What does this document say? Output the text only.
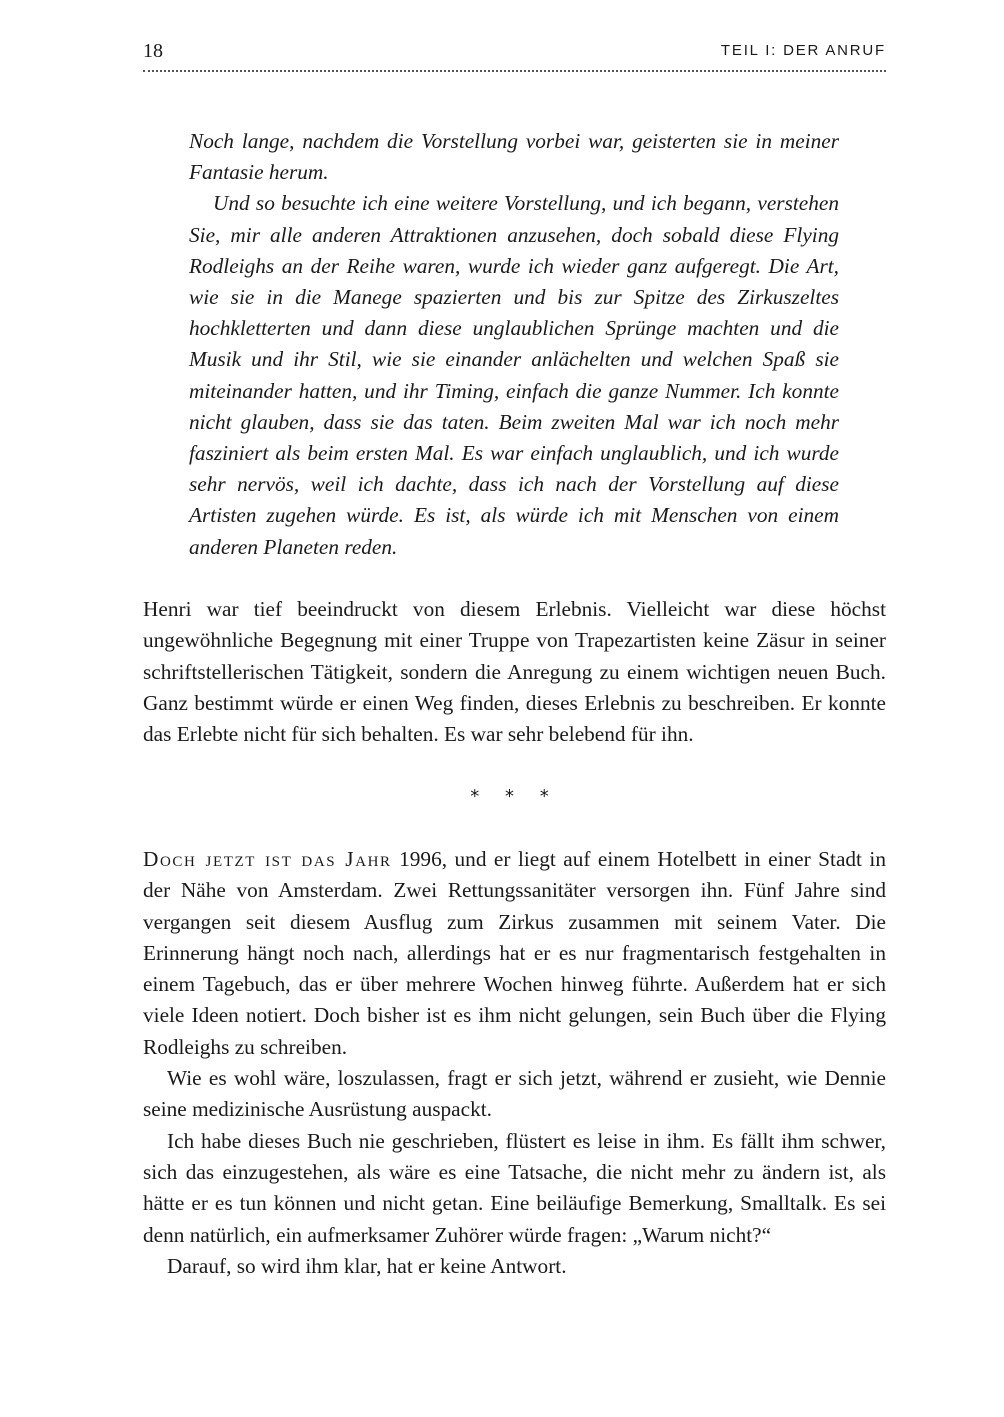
18	TEIL I: DER ANRUF

Noch lange, nachdem die Vorstellung vorbei war, geisterten sie in meiner Fantasie herum.

Und so besuchte ich eine weitere Vorstellung, und ich begann, verstehen Sie, mir alle anderen Attraktionen anzusehen, doch sobald diese Flying Rodleighs an der Reihe waren, wurde ich wieder ganz aufgeregt. Die Art, wie sie in die Manege spazierten und bis zur Spitze des Zirkuszeltes hochkletterten und dann diese unglaublichen Sprünge machten und die Musik und ihr Stil, wie sie einander anlächelten und welchen Spaß sie miteinander hatten, und ihr Timing, einfach die ganze Nummer. Ich konnte nicht glauben, dass sie das taten. Beim zweiten Mal war ich noch mehr fasziniert als beim ersten Mal. Es war einfach unglaublich, und ich wurde sehr nervös, weil ich dachte, dass ich nach der Vorstellung auf diese Artisten zugehen würde. Es ist, als würde ich mit Menschen von einem anderen Planeten reden.

Henri war tief beeindruckt von diesem Erlebnis. Vielleicht war diese höchst ungewöhnliche Begegnung mit einer Truppe von Trapezartisten keine Zäsur in seiner schriftstellerischen Tätigkeit, sondern die Anregung zu einem wichtigen neuen Buch. Ganz bestimmt würde er einen Weg finden, dieses Erlebnis zu beschreiben. Er konnte das Erlebte nicht für sich behalten. Es war sehr belebend für ihn.

* * *

Doch jetzt ist das Jahr 1996, und er liegt auf einem Hotelbett in einer Stadt in der Nähe von Amsterdam. Zwei Rettungssanitäter versorgen ihn. Fünf Jahre sind vergangen seit diesem Ausflug zum Zirkus zusammen mit seinem Vater. Die Erinnerung hängt noch nach, allerdings hat er es nur fragmentarisch festgehalten in einem Tagebuch, das er über mehrere Wochen hinweg führte. Außerdem hat er sich viele Ideen notiert. Doch bisher ist es ihm nicht gelungen, sein Buch über die Flying Rodleighs zu schreiben.

Wie es wohl wäre, loszulassen, fragt er sich jetzt, während er zusieht, wie Dennie seine medizinische Ausrüstung auspackt.

Ich habe dieses Buch nie geschrieben, flüstert es leise in ihm. Es fällt ihm schwer, sich das einzugestehen, als wäre es eine Tatsache, die nicht mehr zu ändern ist, als hätte er es tun können und nicht getan. Eine beiläufige Bemerkung, Smalltalk. Es sei denn natürlich, ein aufmerksamer Zuhörer würde fragen: „Warum nicht?“

Darauf, so wird ihm klar, hat er keine Antwort.
